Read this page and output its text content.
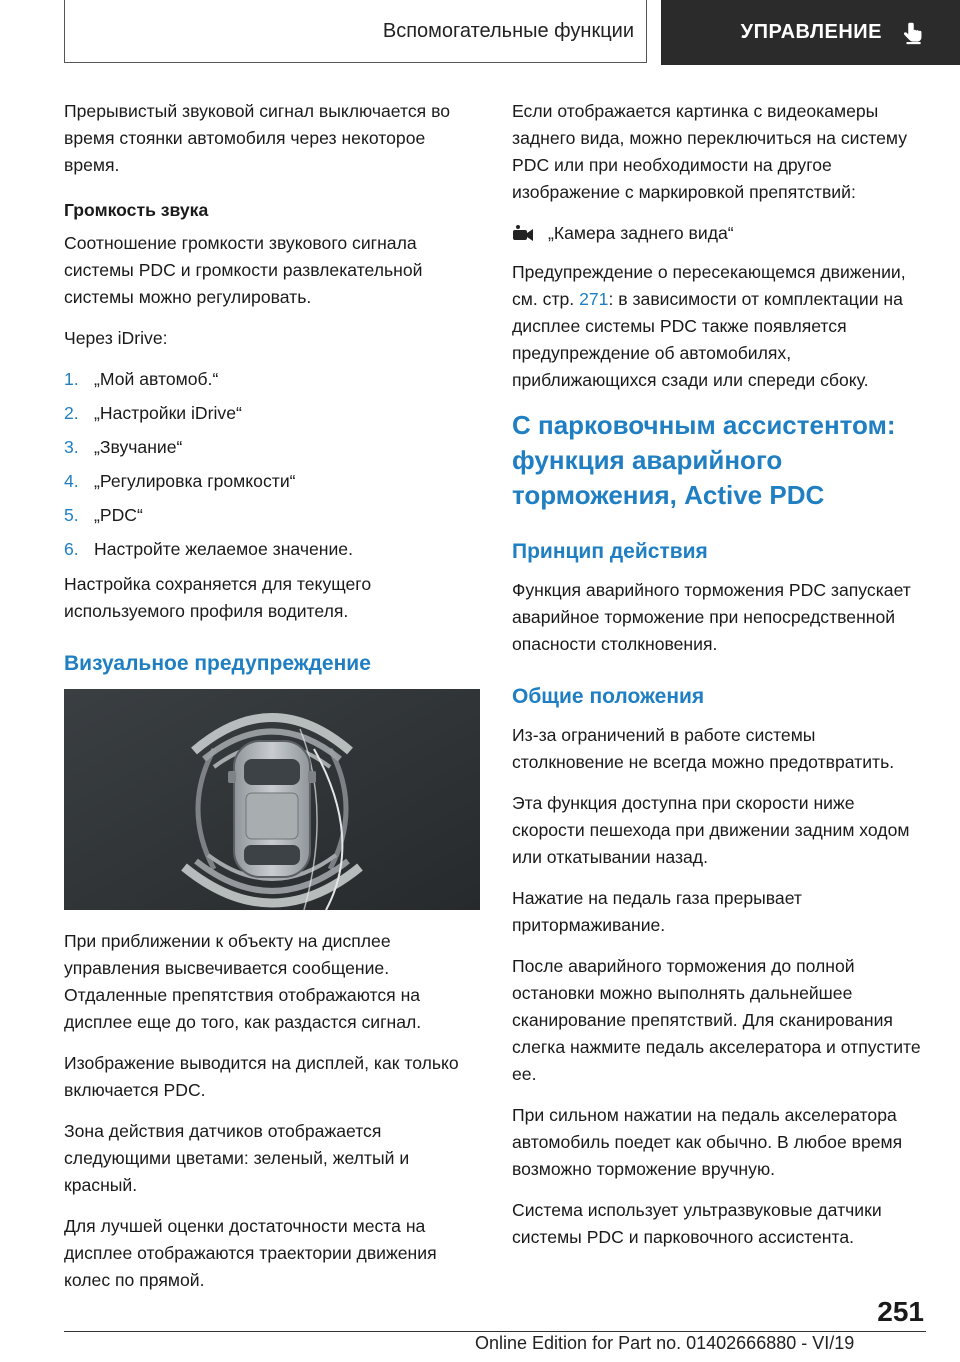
Вспомогательные функции	УПРАВЛЕНИЕ

Прерывистый звуковой сигнал выключается во время стоянки автомобиля через некоторое время.

Громкость звука

Соотношение громкости звукового сигнала системы PDC и громкости развлекательной системы можно регулировать.

Через iDrive:

1. „Мой автомоб.“
2. „Настройки iDrive“
3. „Звучание“
4. „Регулировка громкости“
5. „PDC“
6. Настройте желаемое значение.

Настройка сохраняется для текущего используемого профиля водителя.

Визуальное предупреждение

При приближении к объекту на дисплее управления высвечивается сообщение. Отдаленные препятствия отображаются на дисплее еще до того, как раздастся сигнал.

Изображение выводится на дисплей, как только включается PDC.

Зона действия датчиков отображается следующими цветами: зеленый, желтый и красный.

Для лучшей оценки достаточности места на дисплее отображаются траектории движения колес по прямой.

Если отображается картинка с видеокамеры заднего вида, можно переключиться на систему PDC или при необходимости на другое изображение с маркировкой препятствий:

„Камера заднего вида“

Предупреждение о пересекающемся движении, см. стр. 271: в зависимости от комплектации на дисплее системы PDC также появляется предупреждение об автомобилях, приближающихся сзади или спереди сбоку.

С парковочным ассистентом: функция аварийного торможения, Active PDC
Принцип действия

Функция аварийного торможения PDC запускает аварийное торможение при непосредственной опасности столкновения.

Общие положения

Из-за ограничений в работе системы столкновение не всегда можно предотвратить.

Эта функция доступна при скорости ниже скорости пешехода при движении задним ходом или откатывании назад.

Нажатие на педаль газа прерывает притормаживание.

После аварийного торможения до полной остановки можно выполнять дальнейшее сканирование препятствий. Для сканирования слегка нажмите педаль акселератора и отпустите ее.

При сильном нажатии на педаль акселератора автомобиль поедет как обычно. В любое время возможно торможение вручную.

Система использует ультразвуковые датчики системы PDC и парковочного ассистента.

251
Online Edition for Part no. 01402666880 - VI/19
